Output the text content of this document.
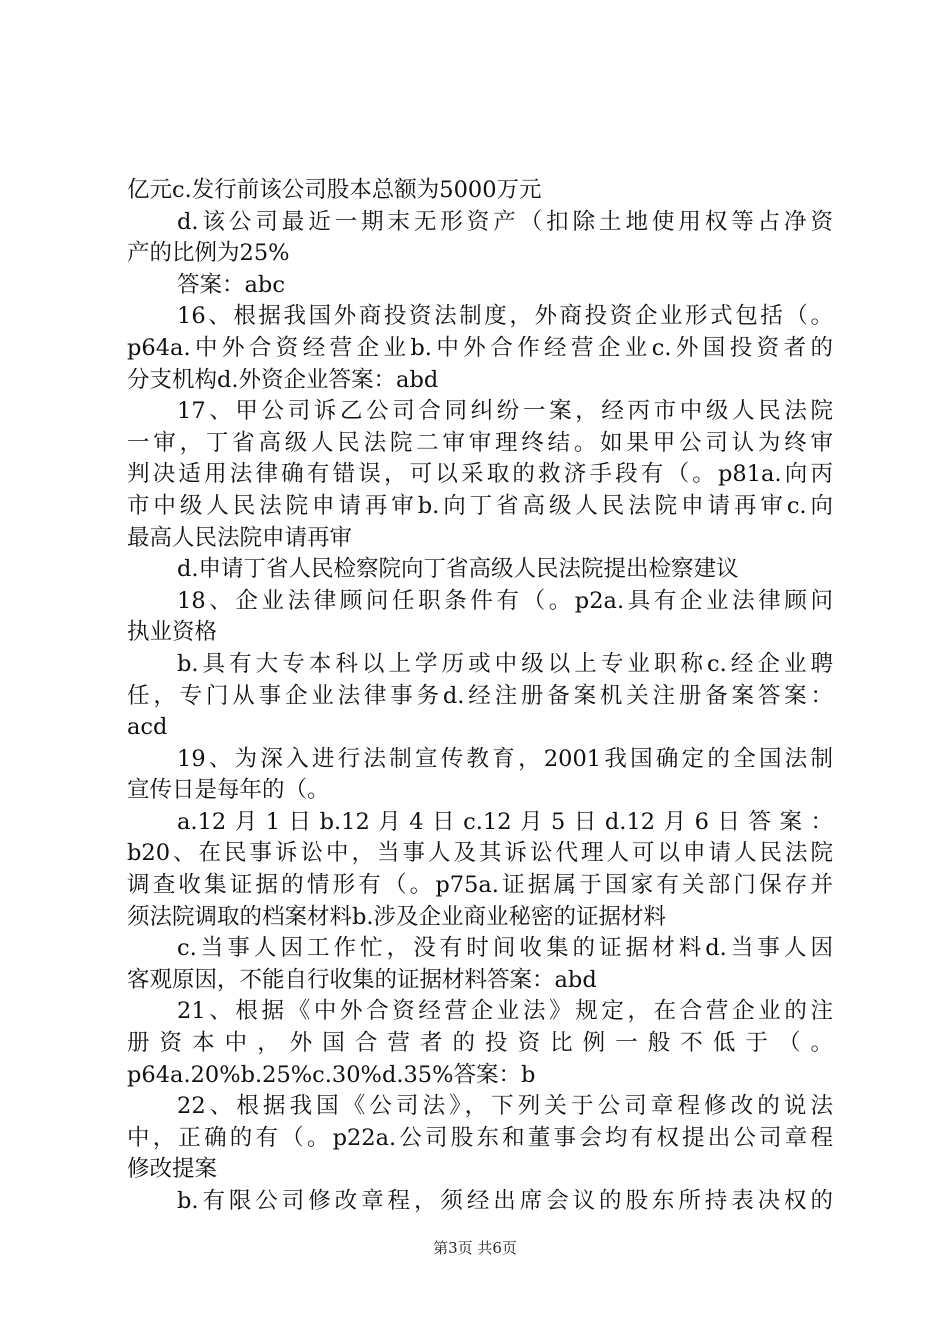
亿元c.发行前该公司股本总额为5000万元
d.该公司最近一期末无形资产（扣除土地使用权等占净资
产的比例为25%
答案：abc
16、根据我国外商投资法制度，外商投资企业形式包括（。
p64a.中外合资经营企业b.中外合作经营企业c.外国投资者的
分支机构d.外资企业答案：abd
17、甲公司诉乙公司合同纠纷一案，经丙市中级人民法院
一审，丁省高级人民法院二审审理终结。如果甲公司认为终审
判决适用法律确有错误，可以采取的救济手段有（。p81a.向丙
市中级人民法院申请再审b.向丁省高级人民法院申请再审c.向
最高人民法院申请再审
d.申请丁省人民检察院向丁省高级人民法院提出检察建议
18、企业法律顾问任职条件有（。p2a.具有企业法律顾问
执业资格
b.具有大专本科以上学历或中级以上专业职称c.经企业聘
任，专门从事企业法律事务d.经注册备案机关注册备案答案：
acd
19、为深入进行法制宣传教育，2001我国确定的全国法制
宣传日是每年的（。
a.12月1日b.12月4日c.12月5日d.12月6日答案：
b20、在民事诉讼中，当事人及其诉讼代理人可以申请人民法院
调查收集证据的情形有（。p75a.证据属于国家有关部门保存并
须法院调取的档案材料b.涉及企业商业秘密的证据材料
c.当事人因工作忙，没有时间收集的证据材料d.当事人因
客观原因，不能自行收集的证据材料答案：abd
21、根据《中外合资经营企业法》规定，在合营企业的注
册资本中，外国合营者的投资比例一般不低于（。
p64a.20%b.25%c.30%d.35%答案：b
22、根据我国《公司法》，下列关于公司章程修改的说法
中，正确的有（。p22a.公司股东和董事会均有权提出公司章程
修改提案
b.有限公司修改章程，须经出席会议的股东所持表决权的
第3页 共6页
